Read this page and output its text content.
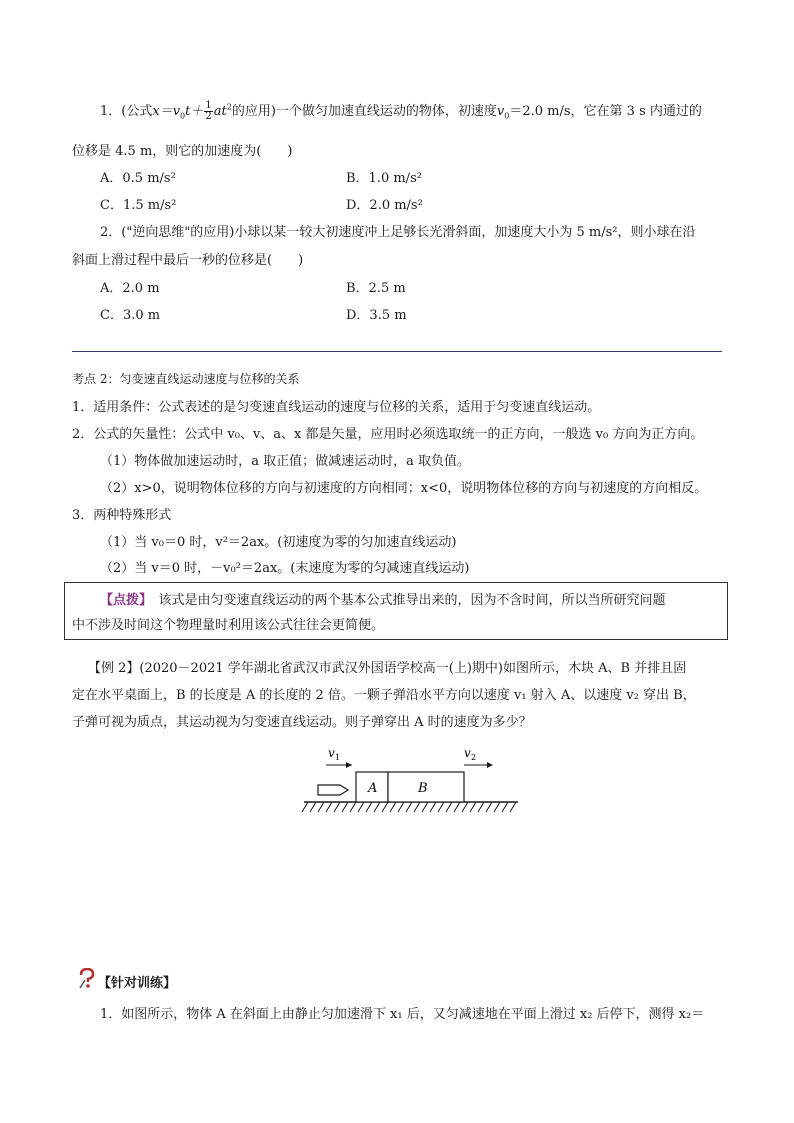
1．(公式$x=v_0t+ \frac{1}{2} at^2$的应用)一个做匀加速直线运动的物体，初速度$v_0=2.0$ m/s，它在第 3 s 内通过的
位移是 4.5 m，则它的加速度为(　　)
A．0.5 m/s²	B．1.0 m/s²
C．1.5 m/s²	D．2.0 m/s²
2．("逆向思维"的应用)小球以某一较大初速度冲上足够长光滑斜面，加速度大小为 5 m/s²，则小球在沿
斜面上滑过程中最后一秒的位移是(　　)
A．2.0 m	B．2.5 m
C．3.0 m	D．3.5 m
考点 2：匀变速直线运动速度与位移的关系
1．适用条件：公式表述的是匀变速直线运动的速度与位移的关系，适用于匀变速直线运动。
2．公式的矢量性：公式中 v₀、v、a、x 都是矢量，应用时必须选取统一的正方向，一般选 v₀ 方向为正方向。
（1）物体做加速运动时，a 取正值；做减速运动时，a 取负值。
（2）x>0，说明物体位移的方向与初速度的方向相同；x<0，说明物体位移的方向与初速度的方向相反。
3．两种特殊形式
（1）当 v₀＝0 时，v²＝2ax。(初速度为零的匀加速直线运动)
（2）当 v＝0 时，－v₀²＝2ax。(末速度为零的匀减速直线运动)
【点拨】　该式是由匀变速直线运动的两个基本公式推导出来的，因为不含时间，所以当所研究问题
中不涉及时间这个物理量时利用该公式往往会更简便。
【例 2】(2020－2021 学年湖北省武汉市武汉外国语学校高一(上)期中)如图所示，木块 A、B 并排且固
定在水平桌面上，B 的长度是 A 的长度的 2 倍。一颗子弹沿水平方向以速度 v₁ 射入 A、以速度 v₂ 穿出 B，
子弹可视为质点，其运动视为匀变速直线运动。则子弹穿出 A 时的速度为多少？
A	B
v 1	v 2
【针对训练】
1．如图所示，物体 A 在斜面上由静止匀加速滑下 x₁ 后，又匀减速地在平面上滑过 x₂ 后停下，测得 x₂＝
